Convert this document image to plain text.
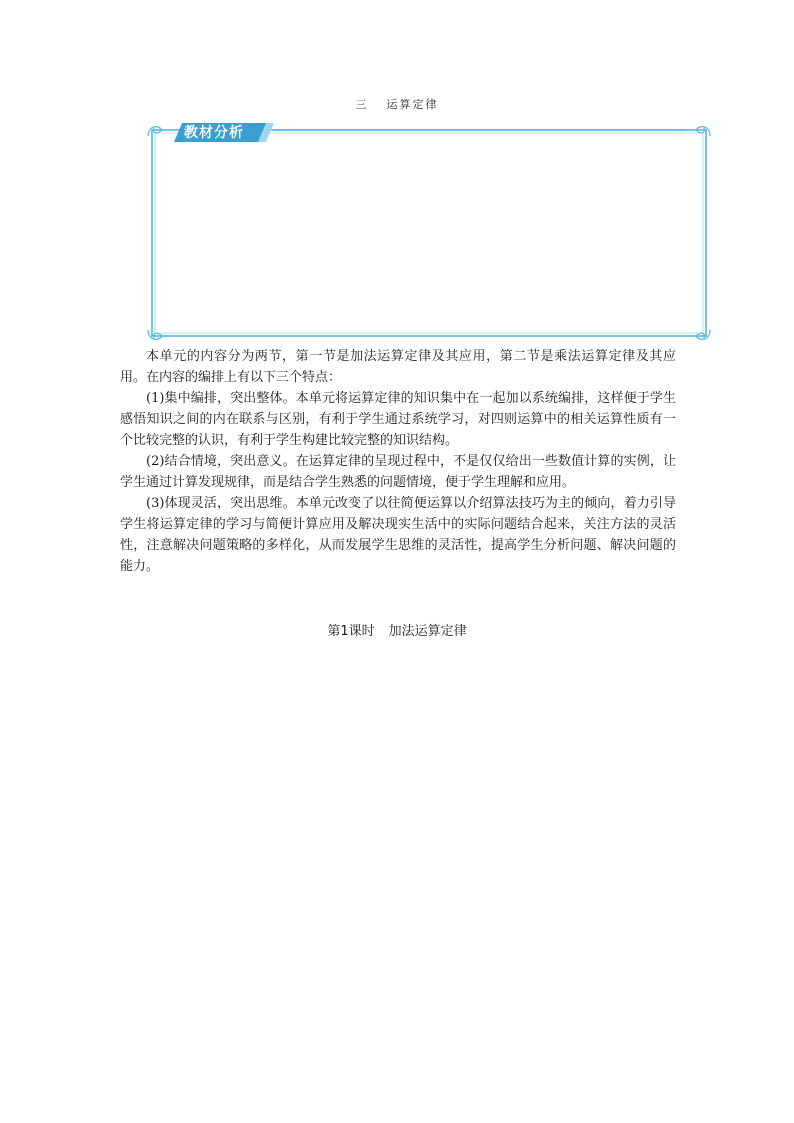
三 运算定律
教材分析

本单元的内容分为两节，第一节是加法运算定律及其应用，第二节是乘法运算定律及其应用。在内容的编排上有以下三个特点：

(1)集中编排，突出整体。本单元将运算定律的知识集中在一起加以系统编排，这样便于学生感悟知识之间的内在联系与区别，有利于学生通过系统学习，对四则运算中的相关运算性质有一个比较完整的认识，有利于学生构建比较完整的知识结构。

(2)结合情境，突出意义。在运算定律的呈现过程中，不是仅仅给出一些数值计算的实例，让学生通过计算发现规律，而是结合学生熟悉的问题情境，便于学生理解和应用。

(3)体现灵活，突出思维。本单元改变了以往简便运算以介绍算法技巧为主的倾向，着力引导学生将运算定律的学习与简便计算应用及解决现实生活中的实际问题结合起来，关注方法的灵活性，注意解决问题策略的多样化，从而发展学生思维的灵活性，提高学生分析问题、解决问题的能力。

第1课时 加法运算定律
